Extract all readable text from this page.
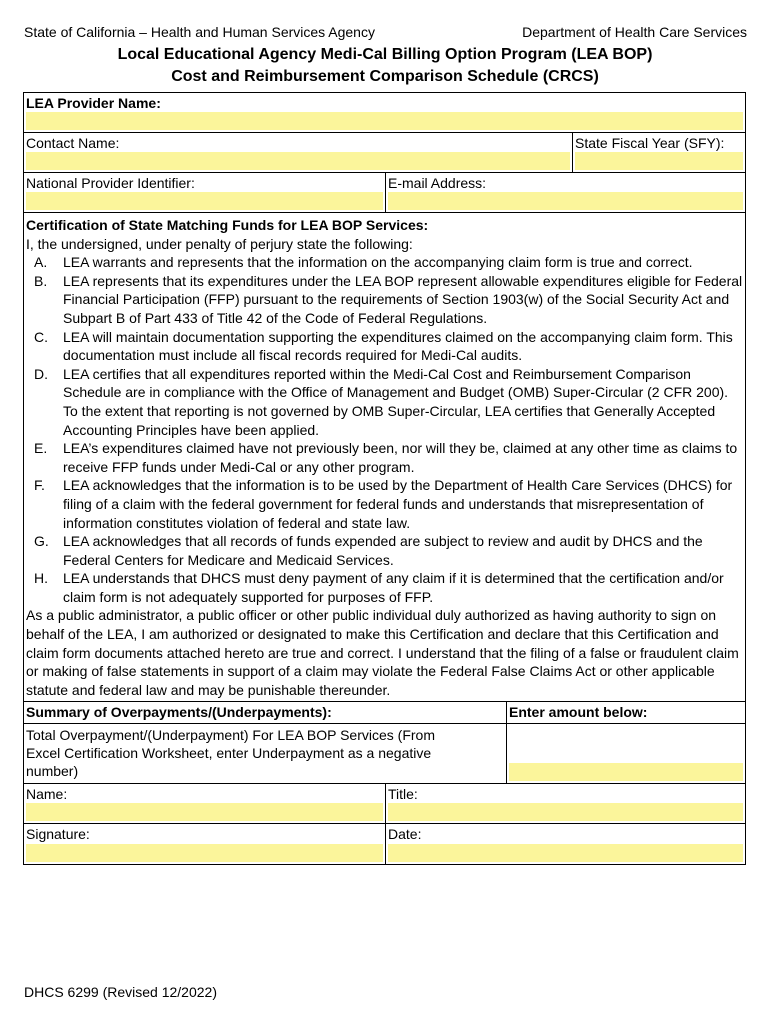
State of California – Health and Human Services Agency	Department of Health Care Services
Local Educational Agency Medi-Cal Billing Option Program (LEA BOP)
Cost and Reimbursement Comparison Schedule (CRCS)
LEA Provider Name:
Contact Name:	State Fiscal Year (SFY):
National Provider Identifier:	E-mail Address:
Certification of State Matching Funds for LEA BOP Services:

I, the undersigned, under penalty of perjury state the following:

A. LEA warrants and represents that the information on the accompanying claim form is true and correct.
B. LEA represents that its expenditures under the LEA BOP represent allowable expenditures eligible for Federal Financial Participation (FFP) pursuant to the requirements of Section 1903(w) of the Social Security Act and Subpart B of Part 433 of Title 42 of the Code of Federal Regulations.
C. LEA will maintain documentation supporting the expenditures claimed on the accompanying claim form. This documentation must include all fiscal records required for Medi-Cal audits.
D. LEA certifies that all expenditures reported within the Medi-Cal Cost and Reimbursement Comparison Schedule are in compliance with the Office of Management and Budget (OMB) Super-Circular (2 CFR 200). To the extent that reporting is not governed by OMB Super-Circular, LEA certifies that Generally Accepted Accounting Principles have been applied.
E. LEA’s expenditures claimed have not previously been, nor will they be, claimed at any other time as claims to receive FFP funds under Medi-Cal or any other program.
F. LEA acknowledges that the information is to be used by the Department of Health Care Services (DHCS) for filing of a claim with the federal government for federal funds and understands that misrepresentation of information constitutes violation of federal and state law.
G. LEA acknowledges that all records of funds expended are subject to review and audit by DHCS and the Federal Centers for Medicare and Medicaid Services.
H. LEA understands that DHCS must deny payment of any claim if it is determined that the certification and/or claim form is not adequately supported for purposes of FFP.

As a public administrator, a public officer or other public individual duly authorized as having authority to sign on behalf of the LEA, I am authorized or designated to make this Certification and declare that this Certification and claim form documents attached hereto are true and correct. I understand that the filing of a false or fraudulent claim or making of false statements in support of a claim may violate the Federal False Claims Act or other applicable statute and federal law and may be punishable thereunder.

Summary of Overpayments/(Underpayments):	Enter amount below:
Total Overpayment/(Underpayment) For LEA BOP Services (From Excel Certification Worksheet, enter Underpayment as a negative number)
Name:	Title:
Signature:	Date:
DHCS 6299 (Revised 12/2022)
